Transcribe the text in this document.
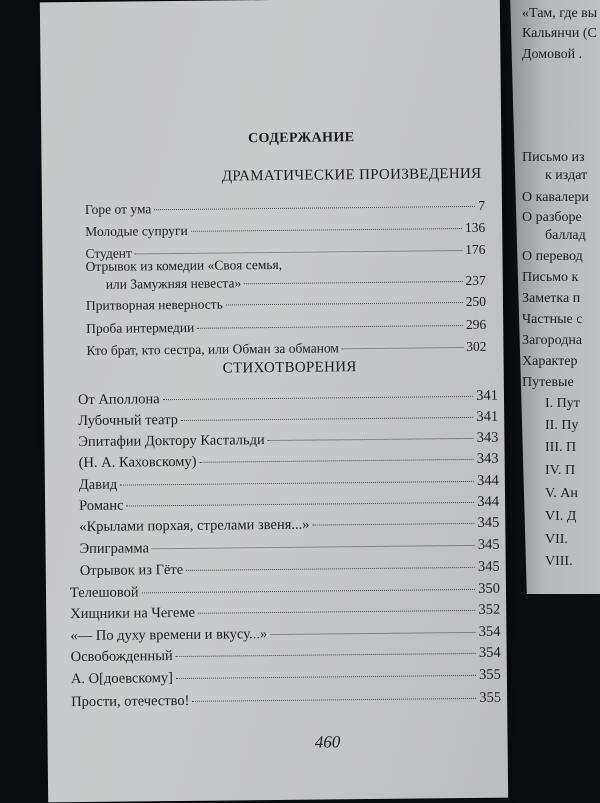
«Там, где вы
Кальянчи (С
Домовой .
Письмо из
к издат
О кавалери
О разборе
баллад
О перевод
Письмо к
Заметка п
Частные с
Загородна
Характер
Путевые
I. Пут
II. Пу
III. П
IV. П
V. Ан
VI. Д
VII.
VIII.
СОДЕРЖАНИЕ
ДРАМАТИЧЕСКИЕ ПРОИЗВЕДЕНИЯ
Горе от ума	7
Молодые супруги	136
Студент	176
Отрывок из комедии «Своя семья,
или Замужняя невеста»	237
Притворная неверность	250
Проба интермедии	296
Кто брат, кто сестра, или Обман за обманом	302
СТИХОТВОРЕНИЯ
От Аполлона	341
Лубочный театр	341
Эпитафии Доктору Кастальди	343
(Н. А. Каховскому)	343
Давид	344
Романс	344
«Крылами порхая, стрелами звеня...»	345
Эпиграмма	345
Отрывок из Гёте	345
Телешовой	350
Хищники на Чегеме	352
«— По духу времени и вкусу...»	354
Освобожденный	354
А. О[доевскому]	355
Прости, отечество!	355
460
